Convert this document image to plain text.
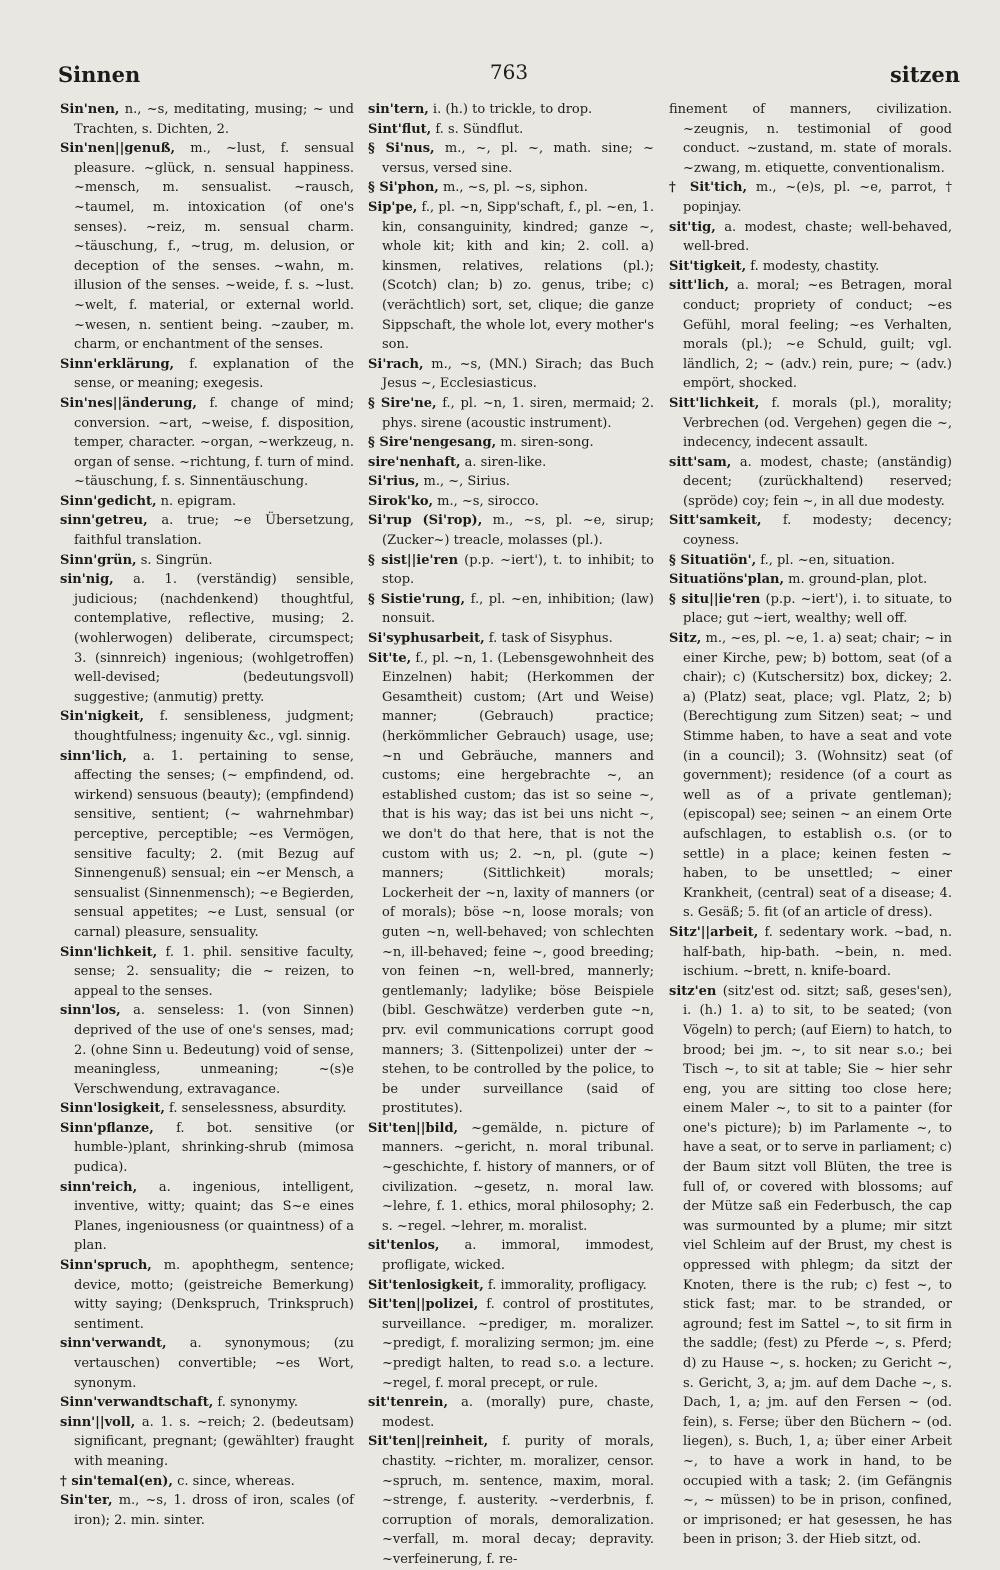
Sinnen	763	sitzen

Sin'nen, n., ~s, meditating, musing; ~ und Trachten, s. Dichten, 2.

Sin'nen||genuß, m., ~lust, f. sensual pleasure. ~glück, n. sensual happiness. ~mensch, m. sensualist. ~rausch, ~taumel, m. intoxication (of one's senses). ~reiz, m. sensual charm. ~täuschung, f., ~trug, m. delusion, or deception of the senses. ~wahn, m. illusion of the senses. ~weide, f. s. ~lust. ~welt, f. material, or external world. ~wesen, n. sentient being. ~zauber, m. charm, or enchantment of the senses.

Sinn'erklärung, f. explanation of the sense, or meaning; exegesis.

Sin'nes||änderung, f. change of mind; conversion. ~art, ~weise, f. disposition, temper, character. ~organ, ~werkzeug, n. organ of sense. ~richtung, f. turn of mind. ~täuschung, f. s. Sinnentäuschung.

Sinn'gedicht, n. epigram.

sinn'getreu, a. true; ~e Übersetzung, faithful translation.

Sinn'grün, s. Singrün.

sin'nig, a. 1. (verständig) sensible, judicious; (nachdenkend) thoughtful, contemplative, reflective, musing; 2. (wohlerwogen) deliberate, circumspect; 3. (sinnreich) ingenious; (wohlgetroffen) well-devised; (bedeutungsvoll) suggestive; (anmutig) pretty.

Sin'nigkeit, f. sensibleness, judgment; thoughtfulness; ingenuity &c., vgl. sinnig.

sinn'lich, a. 1. pertaining to sense, affecting the senses; (~ empfindend, od. wirkend) sensuous (beauty); (empfindend) sensitive, sentient; (~ wahrnehmbar) perceptive, perceptible; ~es Vermögen, sensitive faculty; 2. (mit Bezug auf Sinnengenuß) sensual; ein ~er Mensch, a sensualist (Sinnenmensch); ~e Begierden, sensual appetites; ~e Lust, sensual (or carnal) pleasure, sensuality.

Sinn'lichkeit, f. 1. phil. sensitive faculty, sense; 2. sensuality; die ~ reizen, to appeal to the senses.

sinn'los, a. senseless: 1. (von Sinnen) deprived of the use of one's senses, mad; 2. (ohne Sinn u. Bedeutung) void of sense, meaningless, unmeaning; ~(s)e Verschwendung, extravagance.

Sinn'losigkeit, f. senselessness, absurdity.

Sinn'pflanze, f. bot. sensitive (or humble-)plant, shrinking-shrub (mimosa pudica).

sinn'reich, a. ingenious, intelligent, inventive, witty; quaint; das S~e eines Planes, ingeniousness (or quaintness) of a plan.

Sinn'spruch, m. apophthegm, sentence; device, motto; (geistreiche Bemerkung) witty saying; (Denkspruch, Trinkspruch) sentiment.

sinn'verwandt, a. synonymous; (zu vertauschen) convertible; ~es Wort, synonym.

Sinn'verwandtschaft, f. synonymy.

sinn'||voll, a. 1. s. ~reich; 2. (bedeutsam) significant, pregnant; (gewählter) fraught with meaning.

† sin'temal(en), c. since, whereas.

Sin'ter, m., ~s, 1. dross of iron, scales (of iron); 2. min. sinter.

sin'tern, i. (h.) to trickle, to drop.

Sint'flut, f. s. Sündflut.

§ Si'nus, m., ~, pl. ~, math. sine; ~ versus, versed sine.

§ Si'phon, m., ~s, pl. ~s, siphon.

Sip'pe, f., pl. ~n, Sipp'schaft, f., pl. ~en, 1. kin, consanguinity, kindred; ganze ~, whole kit; kith and kin; 2. coll. a) kinsmen, relatives, relations (pl.); (Scotch) clan; b) zo. genus, tribe; c) (verächtlich) sort, set, clique; die ganze Sippschaft, the whole lot, every mother's son.

Si'rach, m., ~s, (MN.) Sirach; das Buch Jesus ~, Ecclesiasticus.

§ Sire'ne, f., pl. ~n, 1. siren, mermaid; 2. phys. sirene (acoustic instrument).

§ Sire'nengesang, m. siren-song.

sire'nenhaft, a. siren-like.

Si'rius, m., ~, Sirius.

Sirok'ko, m., ~s, sirocco.

Si'rup (Si'rop), m., ~s, pl. ~e, sirup; (Zucker~) treacle, molasses (pl.).

§ sist||ie'ren (p.p. ~iert'), t. to inhibit; to stop.

§ Sistie'rung, f., pl. ~en, inhibition; (law) nonsuit.

Si'syphusarbeit, f. task of Sisyphus.

Sit'te, f., pl. ~n, 1. (Lebensgewohnheit des Einzelnen) habit; (Herkommen der Gesamtheit) custom; (Art und Weise) manner; (Gebrauch) practice; (herkömmlicher Gebrauch) usage, use; ~n und Gebräuche, manners and customs; eine hergebrachte ~, an established custom; das ist so seine ~, that is his way; das ist bei uns nicht ~, we don't do that here, that is not the custom with us; 2. ~n, pl. (gute ~) manners; (Sittlichkeit) morals; Lockerheit der ~n, laxity of manners (or of morals); böse ~n, loose morals; von guten ~n, well-behaved; von schlechten ~n, ill-behaved; feine ~, good breeding; von feinen ~n, well-bred, mannerly; gentlemanly; ladylike; böse Beispiele (bibl. Geschwätze) verderben gute ~n, prv. evil communications corrupt good manners; 3. (Sittenpolizei) unter der ~ stehen, to be controlled by the police, to be under surveillance (said of prostitutes).

Sit'ten||bild, ~gemälde, n. picture of manners. ~gericht, n. moral tribunal. ~geschichte, f. history of manners, or of civilization. ~gesetz, n. moral law. ~lehre, f. 1. ethics, moral philosophy; 2. s. ~regel. ~lehrer, m. moralist.

sit'tenlos, a. immoral, immodest, profligate, wicked.

Sit'tenlosigkeit, f. immorality, profligacy.

Sit'ten||polizei, f. control of prostitutes, surveillance. ~prediger, m. moralizer. ~predigt, f. moralizing sermon; jm. eine ~predigt halten, to read s.o. a lecture. ~regel, f. moral precept, or rule.

sit'tenrein, a. (morally) pure, chaste, modest.

Sit'ten||reinheit, f. purity of morals, chastity. ~richter, m. moralizer, censor. ~spruch, m. sentence, maxim, moral. ~strenge, f. austerity. ~verderbnis, f. corruption of morals, demoralization. ~verfall, m. moral decay; depravity. ~verfeinerung, f. re-

finement of manners, civilization. ~zeugnis, n. testimonial of good conduct. ~zustand, m. state of morals. ~zwang, m. etiquette, conventionalism.

† Sit'tich, m., ~(e)s, pl. ~e, parrot, † popinjay.

sit'tig, a. modest, chaste; well-behaved, well-bred.

Sit'tigkeit, f. modesty, chastity.

sitt'lich, a. moral; ~es Betragen, moral conduct; propriety of conduct; ~es Gefühl, moral feeling; ~es Verhalten, morals (pl.); ~e Schuld, guilt; vgl. ländlich, 2; ~ (adv.) rein, pure; ~ (adv.) empört, shocked.

Sitt'lichkeit, f. morals (pl.), morality; Verbrechen (od. Vergehen) gegen die ~, indecency, indecent assault.

sitt'sam, a. modest, chaste; (anständig) decent; (zurückhaltend) reserved; (spröde) coy; fein ~, in all due modesty.

Sitt'samkeit, f. modesty; decency; coyness.

§ Situatiön', f., pl. ~en, situation.

Situatiöns'plan, m. ground-plan, plot.

§ situ||ie'ren (p.p. ~iert'), i. to situate, to place; gut ~iert, wealthy; well off.

Sitz, m., ~es, pl. ~e, 1. a) seat; chair; ~ in einer Kirche, pew; b) bottom, seat (of a chair); c) (Kutschersitz) box, dickey; 2. a) (Platz) seat, place; vgl. Platz, 2; b) (Berechtigung zum Sitzen) seat; ~ und Stimme haben, to have a seat and vote (in a council); 3. (Wohnsitz) seat (of government); residence (of a court as well as of a private gentleman); (episcopal) see; seinen ~ an einem Orte aufschlagen, to establish o.s. (or to settle) in a place; keinen festen ~ haben, to be unsettled; ~ einer Krankheit, (central) seat of a disease; 4. s. Gesäß; 5. fit (of an article of dress).

Sitz'||arbeit, f. sedentary work. ~bad, n. half-bath, hip-bath. ~bein, n. med. ischium. ~brett, n. knife-board.

sitz'en (sitz'est od. sitzt; saß, geses'sen), i. (h.) 1. a) to sit, to be seated; (von Vögeln) to perch; (auf Eiern) to hatch, to brood; bei jm. ~, to sit near s.o.; bei Tisch ~, to sit at table; Sie ~ hier sehr eng, you are sitting too close here; einem Maler ~, to sit to a painter (for one's picture); b) im Parlamente ~, to have a seat, or to serve in parliament; c) der Baum sitzt voll Blüten, the tree is full of, or covered with blossoms; auf der Mütze saß ein Federbusch, the cap was surmounted by a plume; mir sitzt viel Schleim auf der Brust, my chest is oppressed with phlegm; da sitzt der Knoten, there is the rub; c) fest ~, to stick fast; mar. to be stranded, or aground; fest im Sattel ~, to sit firm in the saddle; (fest) zu Pferde ~, s. Pferd; d) zu Hause ~, s. hocken; zu Gericht ~, s. Gericht, 3, a; jm. auf dem Dache ~, s. Dach, 1, a; jm. auf den Fersen ~ (od. fein), s. Ferse; über den Büchern ~ (od. liegen), s. Buch, 1, a; über einer Arbeit ~, to have a work in hand, to be occupied with a task; 2. (im Gefängnis ~, ~ müssen) to be in prison, confined, or imprisoned; er hat gesessen, he has been in prison; 3. der Hieb sitzt, od.
